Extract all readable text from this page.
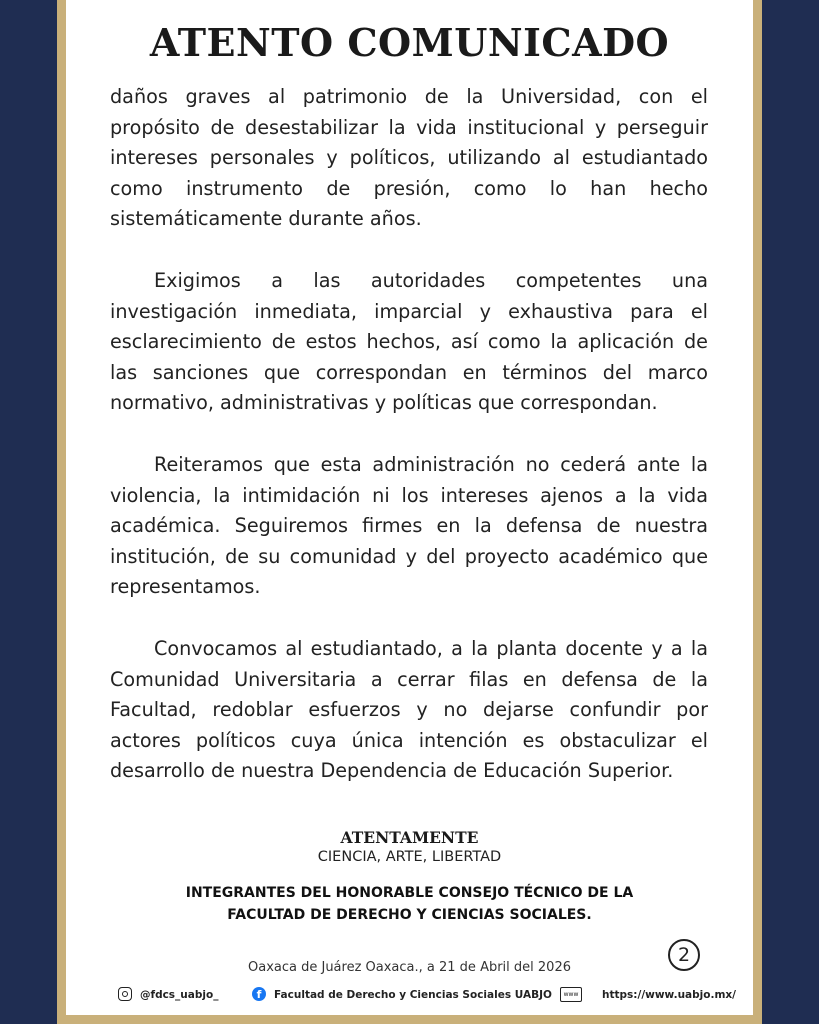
ATENTO COMUNICADO

daños graves al patrimonio de la Universidad, con el propósito de desestabilizar la vida institucional y perseguir intereses personales y políticos, utilizando al estudiantado como instrumento de presión, como lo han hecho sistemáticamente durante años.

Exigimos a las autoridades competentes una investigación inmediata, imparcial y exhaustiva para el esclarecimiento de estos hechos, así como la aplicación de las sanciones que correspondan en términos del marco normativo, administrativas y políticas que correspondan.

Reiteramos que esta administración no cederá ante la violencia, la intimidación ni los intereses ajenos a la vida académica. Seguiremos firmes en la defensa de nuestra institución, de su comunidad y del proyecto académico que representamos.

Convocamos al estudiantado, a la planta docente y a la Comunidad Universitaria a cerrar filas en defensa de la Facultad, redoblar esfuerzos y no dejarse confundir por actores políticos cuya única intención es obstaculizar el desarrollo de nuestra Dependencia de Educación Superior.

ATENTAMENTE

CIENCIA, ARTE, LIBERTAD

INTEGRANTES DEL HONORABLE CONSEJO TÉCNICO DE LA
FACULTAD DE DERECHO Y CIENCIAS SOCIALES.

2
Oaxaca de Juárez Oaxaca., a 21 de Abril del 2026
@fdcs_uabjo_	f Facultad de Derecho y Ciencias Sociales UABJO	www https://www.uabjo.mx/
